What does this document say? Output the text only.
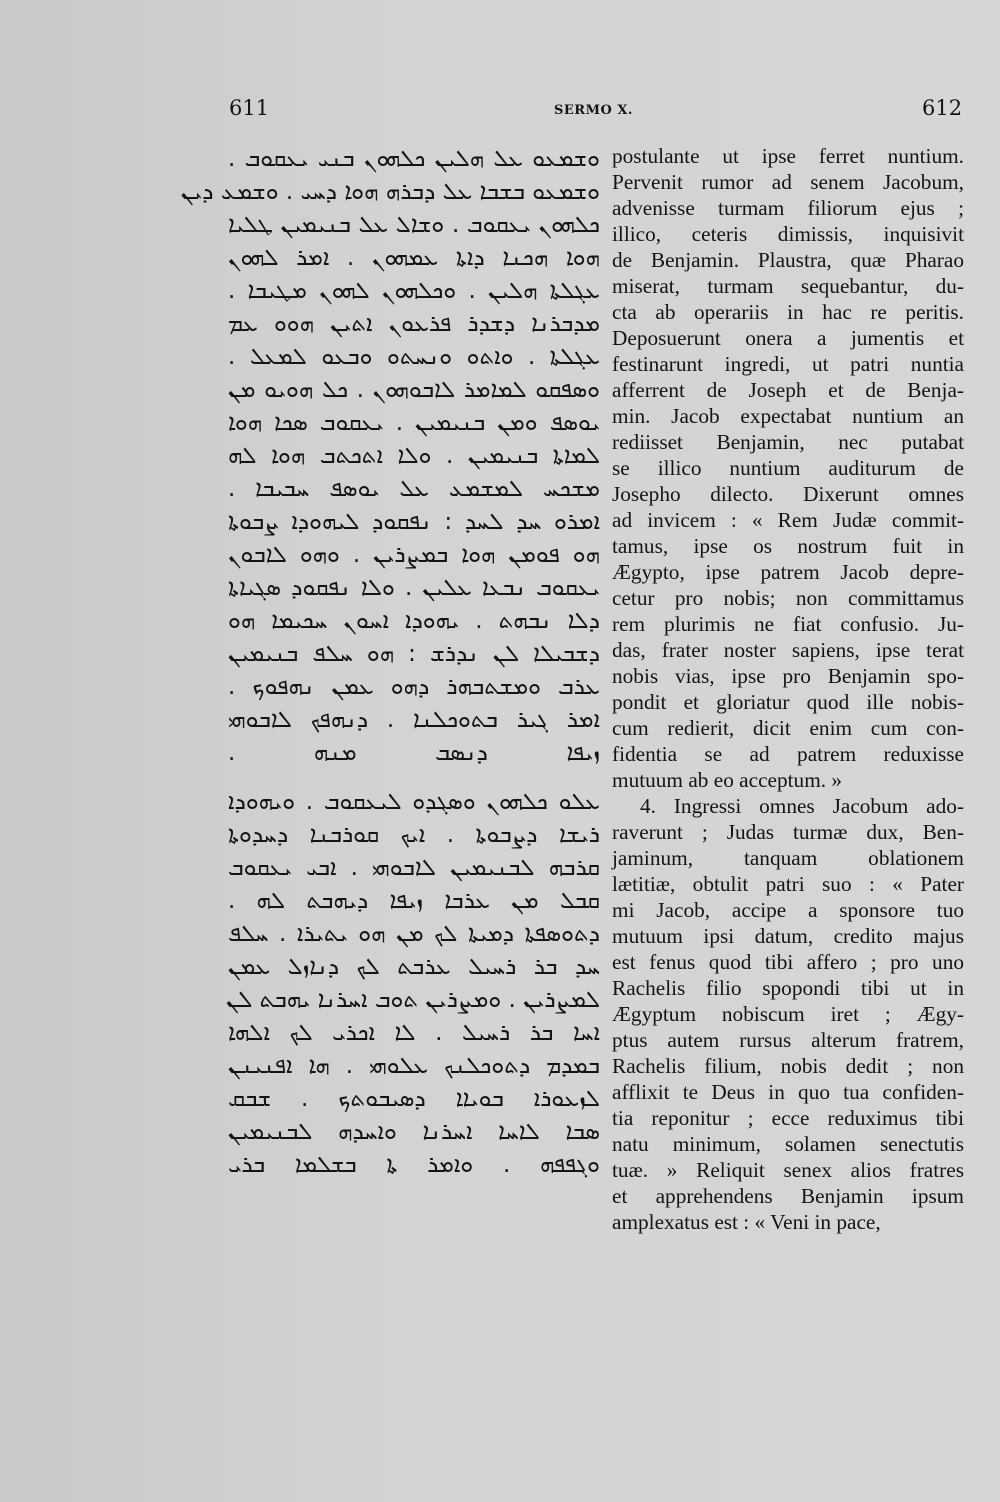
611	SERMO X.	612
ܘܫܡܥܘ ܥܠ ܗܠܝܢ ܟܠܗܘܢ ܒܢܝ ܝܥܩܘܒ .
ܘܫܡܥܘ ܒܫܒܐ ܥܠ ܕܒܪܗ ܗܘܐ ܕܚܝ . ܘܫܡܥ ܕܝܢ
ܟܠܗܘܢ ܝܥܩܘܒ . ܘܫܐܠ ܥܠ ܒܢܝܡܝܢ ܛܠܝܐ
ܗܘܐ ܗܟܢܐ ܕܐܬܐ ܥܡܗܘܢ . ܐܡܪ ܠܗܘܢ
ܥܓܠܬܐ ܗܠܝܢ . ܘܟܠܗܘܢ ܠܗܘܢ ܡܛܝܒܐ .
ܡܕܒܪܢܐ ܕܫܕܪ ܦܪܥܘܢ ܐܬܝܢ ܗܘܘ ܥܡ
ܥܓܠܬܐ . ܘܐܬܘ ܘܢܚܬܘ ܘܒܥܘ ܠܡܥܠ .
ܘܣܦܩܘ ܠܡܐܡܪ ܠܐܒܘܗܘܢ . ܟܠ ܗܘܝܘ ܡܢ
ܝܘܣܦ ܘܡܢ ܒܢܝܡܝܢ . ܝܥܩܘܒ ܣܟܐ ܗܘܐ
ܠܡܐܬܐ ܒܢܝܡܝܢ . ܘܠܐ ܐܬܟܬܒ ܗܘܐ ܠܗ
ܡܫܟܚ ܠܡܫܡܥ ܥܠ ܝܘܣܦ ܚܒܝܒܐ .
ܐܡܪܘ ܚܕ ܠܚܕ : ܢܦܩܘܕ ܠܝܗܘܕܐ ܨܒܘܬܐ
ܗܘ ܦܘܡܢ ܗܘܐ ܒܡܨܪܝܢ . ܘܗܘ ܠܐܒܘܢ
ܝܥܩܘܒ ܢܒܥܐ ܥܠܝܢ . ܘܠܐ ܢܦܩܘܕ ܣܓܝܐܬܐ
ܕܠܐ ܢܒܗܬ . ܝܗܘܕܐ ܐܚܘܢ ܚܟܝܡܐ ܗܘ
ܕܫܒܝܠܐ ܠܢ ܢܕܪܫ : ܗܘ ܚܠܦ ܒܢܝܡܝܢ
ܥܪܒ ܘܡܫܬܒܗܪ ܕܗܘ ܥܡܢ ܢܗܦܘܟ .
ܐܡܪ ܓܝܪ ܒܬܘܟܠܢܐ . ܕܢܗܦܟ ܠܐܒܘܗܝ
ܙܝܦܐ ܕܢܣܒ ܡܢܗ .
ܥܠܘ ܟܠܗܘܢ ܘܣܓܕܘ ܠܝܥܩܘܒ . ܘܝܗܘܕܐ
ܪܝܫܐ ܕܨܒܘܬܐ . ܐܝܟ ܩܘܪܒܢܐ ܕܚܕܘܬܐ
ܩܪܒܗ ܠܒܢܝܡܝܢ ܠܐܒܘܗܝ . ܐܒܝ ܝܥܩܘܒ
ܩܒܠ ܡܢ ܥܪܒܐ ܙܝܦܐ ܕܝܗܒܬ ܠܗ .
ܕܬܘܣܦܬܐ ܕܡܝܬܐ ܠܟ ܡܢ ܗܘ ܝܬܝܪܐ . ܚܠܦ
ܚܕ ܒܪ ܪܚܝܠ ܥܪܒܬ ܠܟ ܕܢܐܙܠ ܥܡܢ
ܠܡܨܪܝܢ . ܘܡܨܪܝܢ ܬܘܒ ܐܚܪܢܐ ܝܗܒܬ ܠܢ
ܐܚܐ ܒܪ ܪܚܝܠ . ܠܐ ܐܟܪܝ ܠܟ ܐܠܗܐ
ܒܡܕܡ ܕܬܘܟܠܢܟ ܥܠܘܗܝ . ܗܐ ܐܦܢܝܢܢ
ܠܙܥܘܪܐ ܒܘܝܐܐ ܕܣܝܒܘܬܟ . ܫܒܩ
ܣܒܐ ܠܐܚܐ ܐܚܪܢܐ ܘܐܚܕܗ ܠܒܢܝܡܝܢ
ܘܓܦܦܗ . ܘܐܡܪ ܬܐ ܒܫܠܡܐ ܒܪܝ
postulante ut ipse ferret nuntium.
Pervenit rumor ad senem Jacobum,
advenisse turmam filiorum ejus ;
illico, ceteris dimissis, inquisivit
de Benjamin. Plaustra, quæ Pharao
miserat, turmam sequebantur, du-
cta ab operariis in hac re peritis.
Deposuerunt onera a jumentis et
festinarunt ingredi, ut patri nuntia
afferrent de Joseph et de Benja-
min. Jacob expectabat nuntium an
rediisset Benjamin, nec putabat
se illico nuntium auditurum de
Josepho dilecto. Dixerunt omnes
ad invicem : « Rem Judæ commit-
tamus, ipse os nostrum fuit in
Ægypto, ipse patrem Jacob depre-
cetur pro nobis; non committamus
rem plurimis ne fiat confusio. Ju-
das, frater noster sapiens, ipse terat
nobis vias, ipse pro Benjamin spo-
pondit et gloriatur quod ille nobis-
cum redierit, dicit enim cum con-
fidentia se ad patrem reduxisse
mutuum ab eo acceptum. »
4. Ingressi omnes Jacobum ado-
raverunt ; Judas turmæ dux, Ben-
jaminum, tanquam oblationem
lætitiæ, obtulit patri suo : « Pater
mi Jacob, accipe a sponsore tuo
mutuum ipsi datum, credito majus
est fenus quod tibi affero ; pro uno
Rachelis filio spopondi tibi ut in
Ægyptum nobiscum iret ; Ægy-
ptus autem rursus alterum fratrem,
Rachelis filium, nobis dedit ; non
afflixit te Deus in quo tua confiden-
tia reponitur ; ecce reduximus tibi
natu minimum, solamen senectutis
tuæ. » Reliquit senex alios fratres
et apprehendens Benjamin ipsum
amplexatus est : « Veni in pace,
